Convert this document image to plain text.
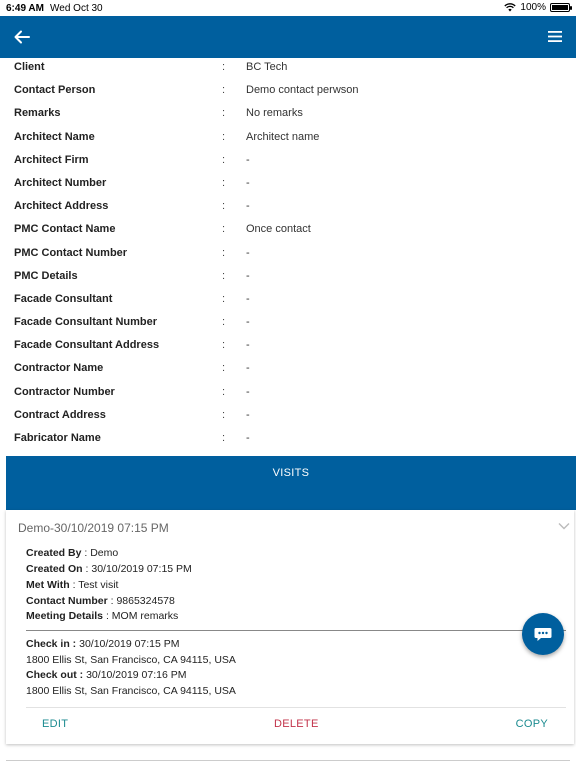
6:49 AM Wed Oct 30	100%
Client	: BC Tech
Contact Person	: Demo contact perwson
Remarks	: No remarks
Architect Name	: Architect name
Architect Firm	: -
Architect Number	: -
Architect Address	: -
PMC Contact Name	: Once contact
PMC Contact Number	: -
PMC Details	: -
Facade Consultant	: -
Facade Consultant Number	: -
Facade Consultant Address	: -
Contractor Name	: -
Contractor Number	: -
Contract Address	: -
Fabricator Name	: -
VISITS
Demo-30/10/2019 07:15 PM
Created By : Demo
Created On : 30/10/2019 07:15 PM
Met With : Test visit
Contact Number : 9865324578
Meeting Details : MOM remarks
Check in : 30/10/2019 07:15 PM
1800 Ellis St, San Francisco, CA 94115, USA
Check out : 30/10/2019 07:16 PM
1800 Ellis St, San Francisco, CA 94115, USA
EDIT	DELETE	COPY
